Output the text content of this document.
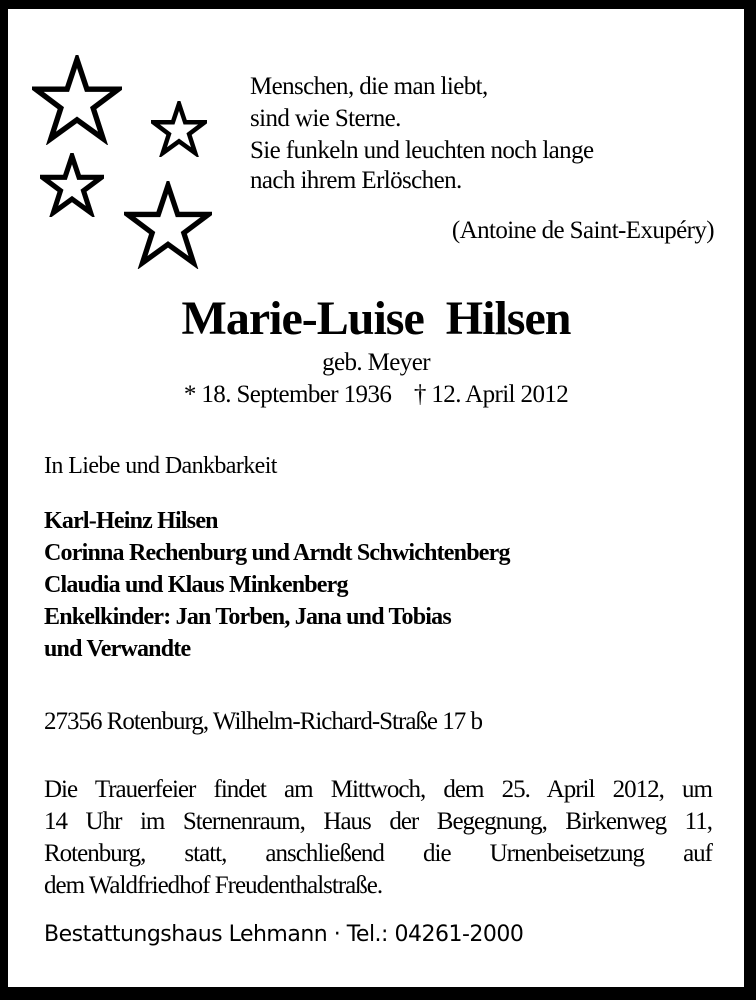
Menschen, die man liebt,
sind wie Sterne.
Sie funkeln und leuchten noch lange
nach ihrem Erlöschen.
(Antoine de Saint-Exupéry)
Marie-Luise  Hilsen
geb. Meyer
* 18. September 1936    † 12. April 2012
In Liebe und Dankbarkeit
Karl-Heinz Hilsen
Corinna Rechenburg und Arndt Schwichtenberg
Claudia und Klaus Minkenberg
Enkelkinder: Jan Torben, Jana und Tobias
und Verwandte
27356 Rotenburg, Wilhelm-Richard-Straße 17 b
Die Trauerfeier findet am Mittwoch, dem 25. April 2012, um
14 Uhr im Sternenraum, Haus der Begegnung, Birkenweg 11,
Rotenburg, statt, anschließend die Urnenbeisetzung auf
dem Waldfriedhof Freudenthalstraße.
Bestattungshaus Lehmann · Tel.: 04261-2000
